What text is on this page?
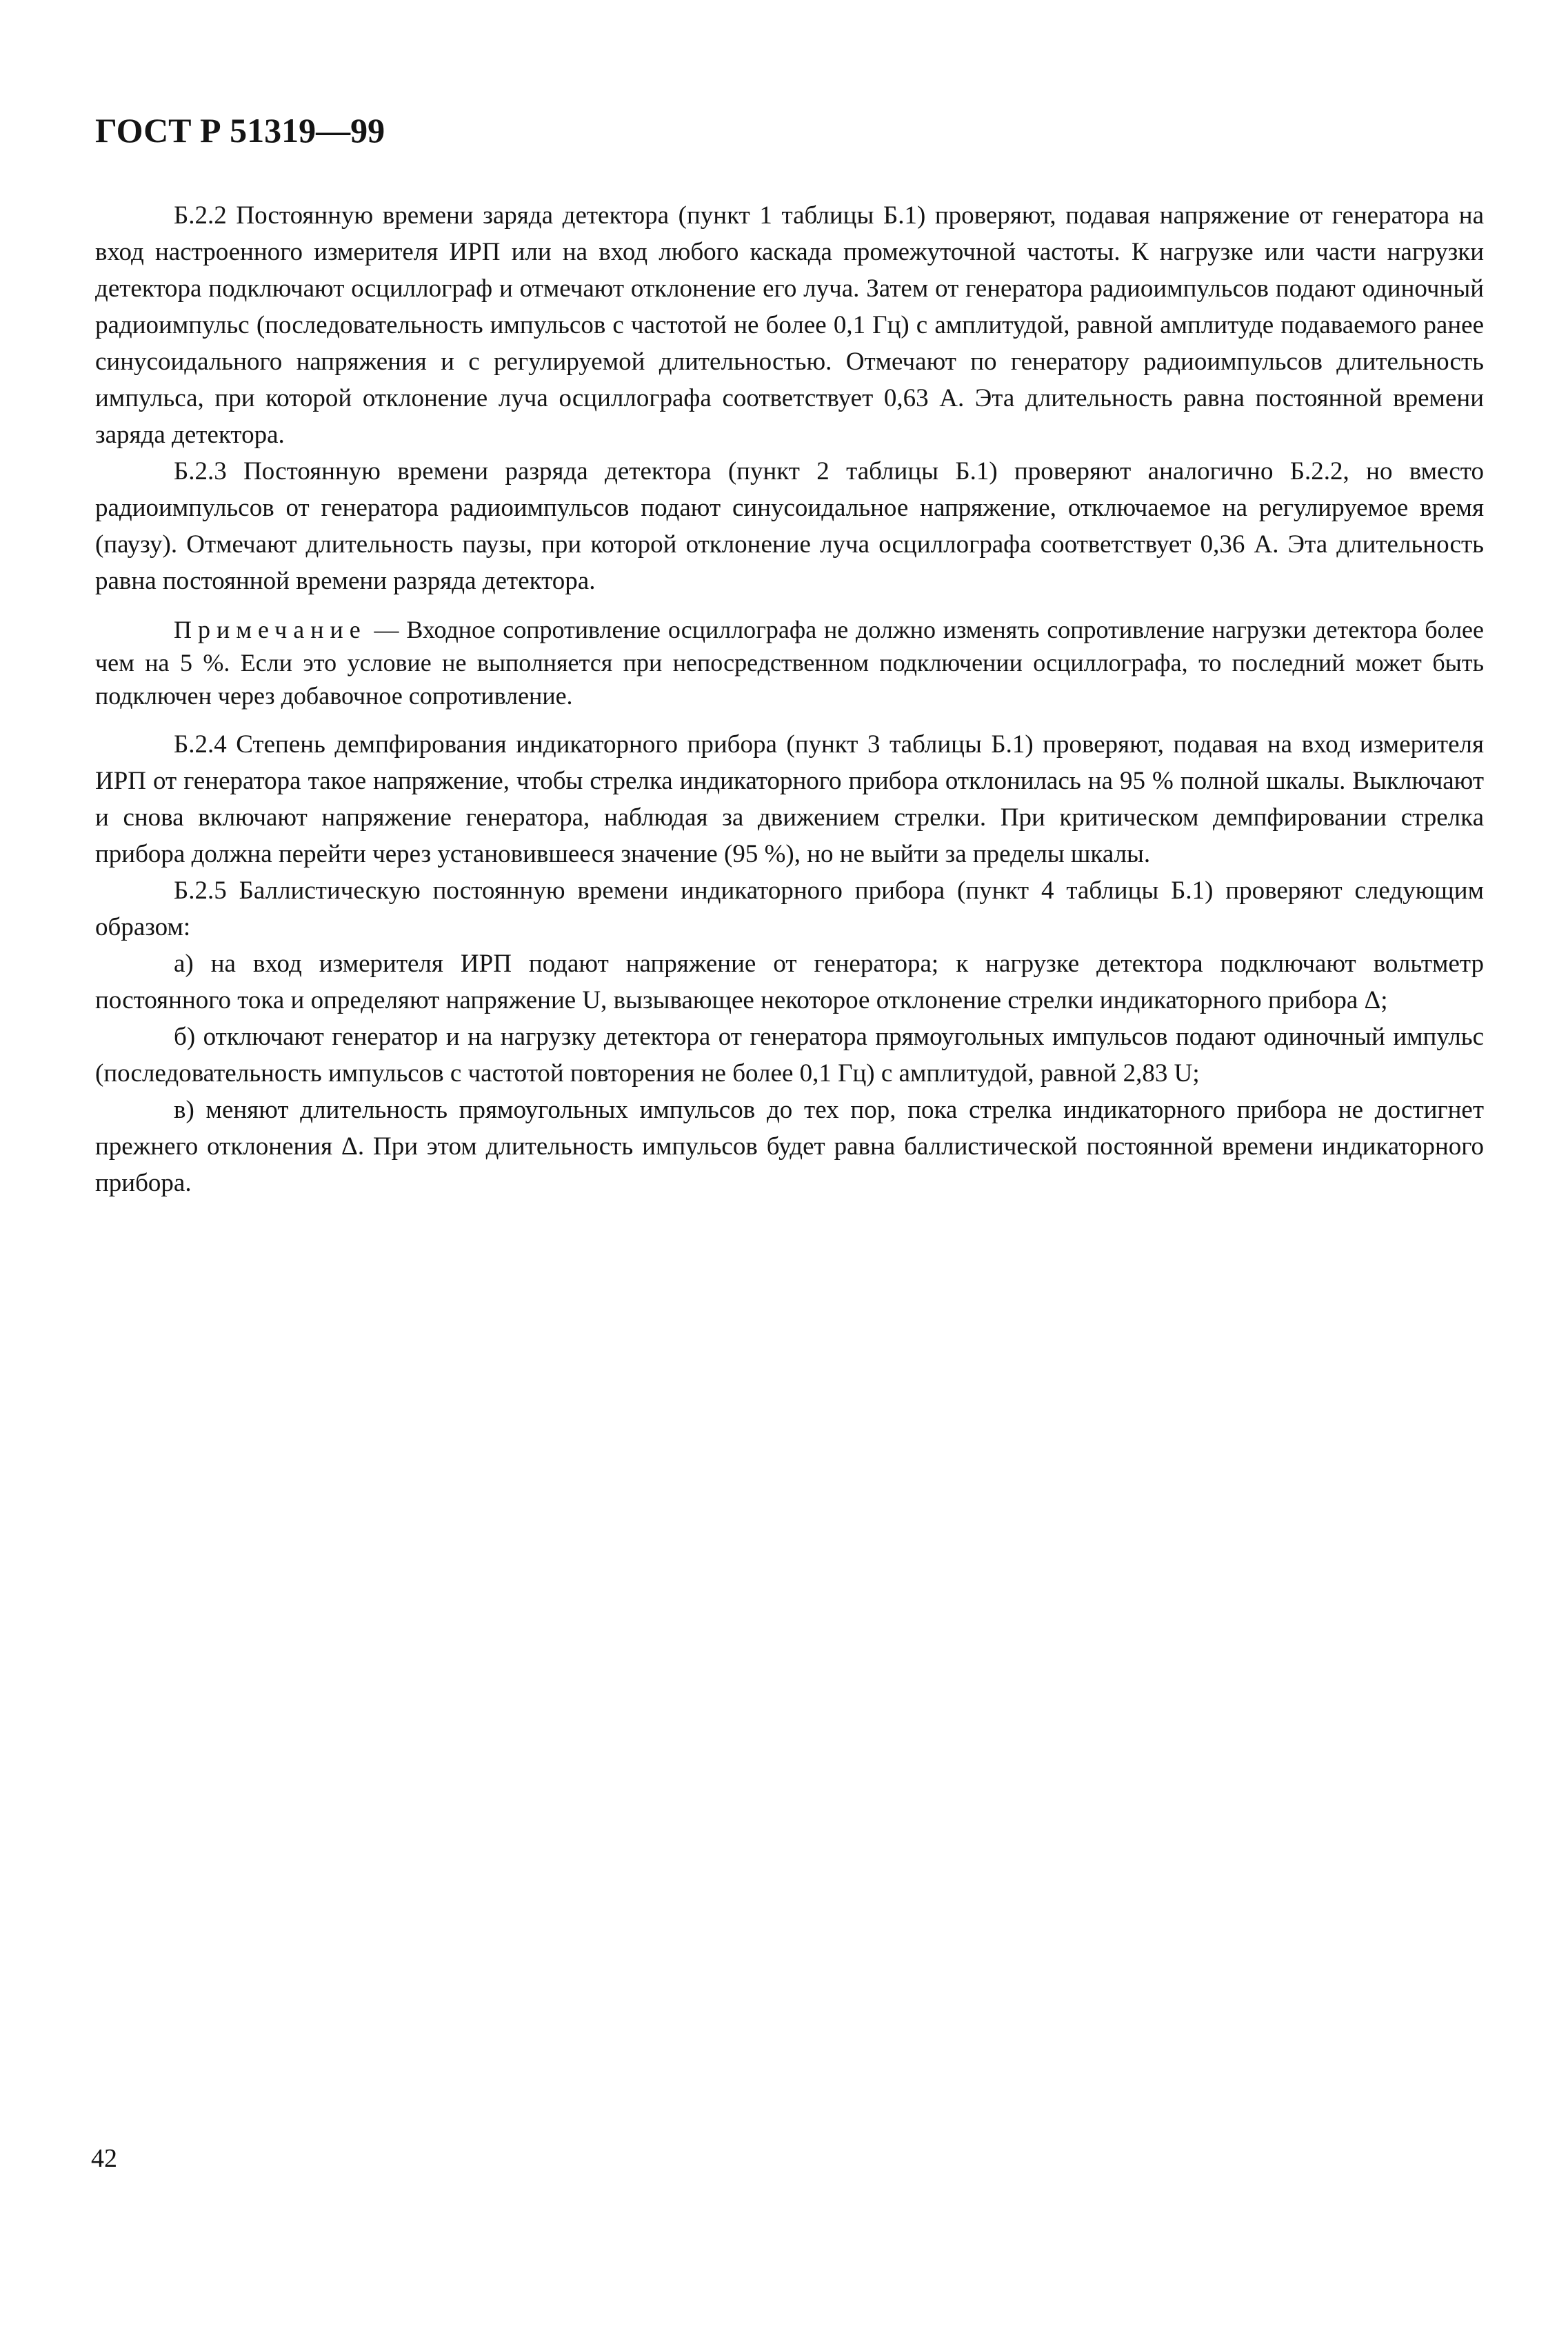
ГОСТ Р 51319—99

Б.2.2 Постоянную времени заряда детектора (пункт 1 таблицы Б.1) проверяют, подавая напряжение от генератора на вход настроенного измерителя ИРП или на вход любого каскада промежуточной частоты. К нагрузке или части нагрузки детектора подключают осциллограф и отмечают отклонение его луча. Затем от генератора радиоимпульсов подают одиночный радиоимпульс (последовательность импульсов с частотой не более 0,1 Гц) с амплитудой, равной амплитуде подаваемого ранее синусоидального напряжения и с регулируемой длительностью. Отмечают по генератору радиоимпульсов длительность импульса, при которой отклонение луча осциллографа соответствует 0,63 А. Эта длительность равна постоянной времени заряда детектора.

Б.2.3 Постоянную времени разряда детектора (пункт 2 таблицы Б.1) проверяют аналогично Б.2.2, но вместо радиоимпульсов от генератора радиоимпульсов подают синусоидальное напряжение, отключаемое на регулируемое время (паузу). Отмечают длительность паузы, при которой отклонение луча осциллографа соответствует 0,36 А. Эта длительность равна постоянной времени разряда детектора.

Примечание — Входное сопротивление осциллографа не должно изменять сопротивление нагрузки детектора более чем на 5 %. Если это условие не выполняется при непосредственном подключении осциллографа, то последний может быть подключен через добавочное сопротивление.

Б.2.4 Степень демпфирования индикаторного прибора (пункт 3 таблицы Б.1) проверяют, подавая на вход измерителя ИРП от генератора такое напряжение, чтобы стрелка индикаторного прибора отклонилась на 95 % полной шкалы. Выключают и снова включают напряжение генератора, наблюдая за движением стрелки. При критическом демпфировании стрелка прибора должна перейти через установившееся значение (95 %), но не выйти за пределы шкалы.

Б.2.5 Баллистическую постоянную времени индикаторного прибора (пункт 4 таблицы Б.1) проверяют следующим образом:

а) на вход измерителя ИРП подают напряжение от генератора; к нагрузке детектора подключают вольтметр постоянного тока и определяют напряжение U, вызывающее некоторое отклонение стрелки индикаторного прибора Δ;

б) отключают генератор и на нагрузку детектора от генератора прямоугольных импульсов подают одиночный импульс (последовательность импульсов с частотой повторения не более 0,1 Гц) с амплитудой, равной 2,83 U;

в) меняют длительность прямоугольных импульсов до тех пор, пока стрелка индикаторного прибора не достигнет прежнего отклонения Δ. При этом длительность импульсов будет равна баллистической постоянной времени индикаторного прибора.

42
